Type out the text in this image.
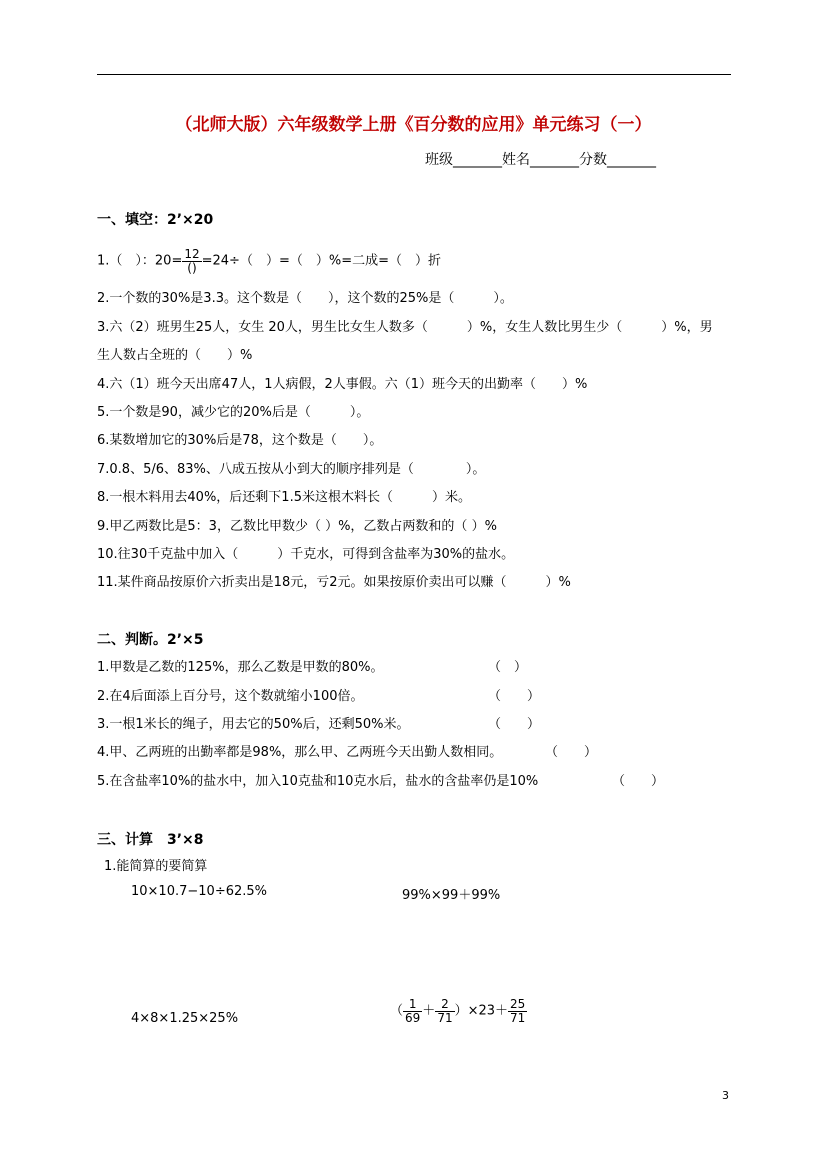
（北师大版）六年级数学上册《百分数的应用》单元练习（一）
班级_______姓名_______分数_______
一、填空：2’×20
1.（　）：$20= \frac{12}{()} =24\div$（　）=（　）%=二成=（　）折
2.一个数的30%是3.3。这个数是（　　），这个数的25%是（　　　）。
3.六（2）班男生25人，女生 20人，男生比女生人数多（　　　）%，女生人数比男生少（　　　）%，男
生人数占全班的（　　）%
4.六（1）班今天出席47人，1人病假，2人事假。六（1）班今天的出勤率（　　）%
5.一个数是90，减少它的20%后是（　　　）。
6.某数增加它的30%后是78，这个数是（　　）。
7.0.8、5/6、83%、八成五按从小到大的顺序排列是（　　　　）。
8.一根木料用去40%，后还剩下1.5米这根木料长（　　　）米。
9.甲乙两数比是5：3，乙数比甲数少（ ）%，乙数占两数和的（ ）%
10.往30千克盐中加入（　　　）千克水，可得到含盐率为30%的盐水。
11.某件商品按原价六折卖出是18元，亏2元。如果按原价卖出可以赚（　　　）%
二、判断。2’×5
1.甲数是乙数的125%，那么乙数是甲数的80%。	（　）
2.在4后面添上百分号，这个数就缩小100倍。	（　　）
3.一根1米长的绳子，用去它的50%后，还剩50%米。	（　　）
4.甲、乙两班的出勤率都是98%，那么甲、乙两班今天出勤人数相同。	（　　）
5.在含盐率10%的盐水中，加入10克盐和10克水后，盐水的含盐率仍是10%	（　　）
三、计算　3’×8
1.能简算的要简算
10×10.7−10÷62.5%	99%×99＋99%
4×8×1.25×25%	（ $\frac{1}{69} + \frac{2}{71} )\times 23+ \frac{25}{71}$
3
